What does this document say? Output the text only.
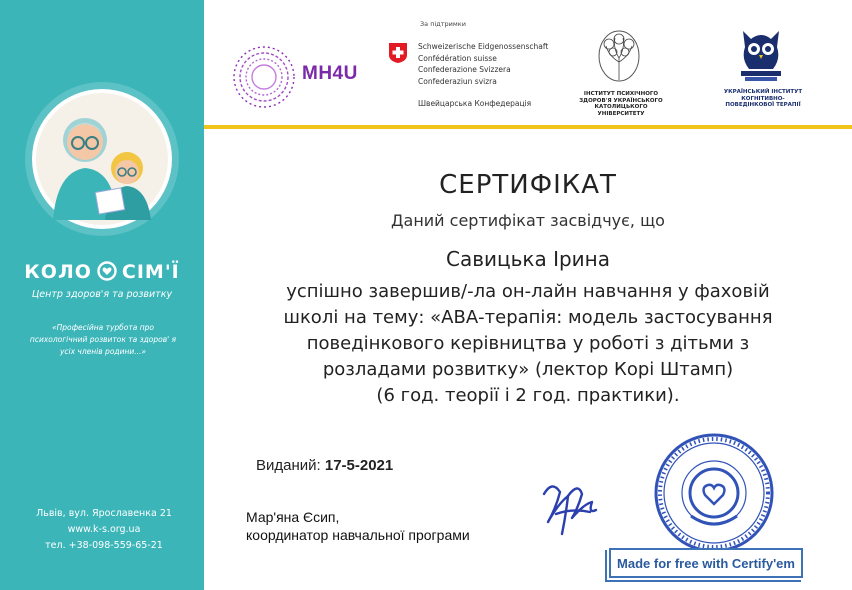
КОЛО СІМ'Ї
Центр здоров'я та розвитку
«Професійна турбота про психологічний розвиток та здоров' я усіх членів родини...»
Львів, вул. Ярославенка 21
www.k-s.org.ua
тел. +38-098-559-65-21
За підтримки
MH4U
Schweizerische Eidgenossenschaft
Confédération suisse
Confederazione Svizzera
Confederaziun svizra
Швейцарська Конфедерація
ІНСТИТУТ ПСИХІЧНОГО ЗДОРОВ'Я УКРАЇНСЬКОГО КАТОЛИЦЬКОГО УНІВЕРСИТЕТУ
УКРАЇНСЬКИЙ ІНСТИТУТ КОГНІТИВНО-ПОВЕДІНКОВОЇ ТЕРАПІЇ
СЕРТИФІКАТ
Даний сертифікат засвідчує, що
Савицька Ірина
успішно завершив/-ла он-лайн навчання у фаховій
школі на тему: «АВА-терапія: модель застосування
поведінкового керівництва у роботі з дітьми з
розладами розвитку» (лектор Корі Штамп)
(6 год. теорії і 2 год. практики).
Виданий: 17-5-2021
Мар'яна Єсип,
координатор навчальної програми
Made for free with Certify'em
